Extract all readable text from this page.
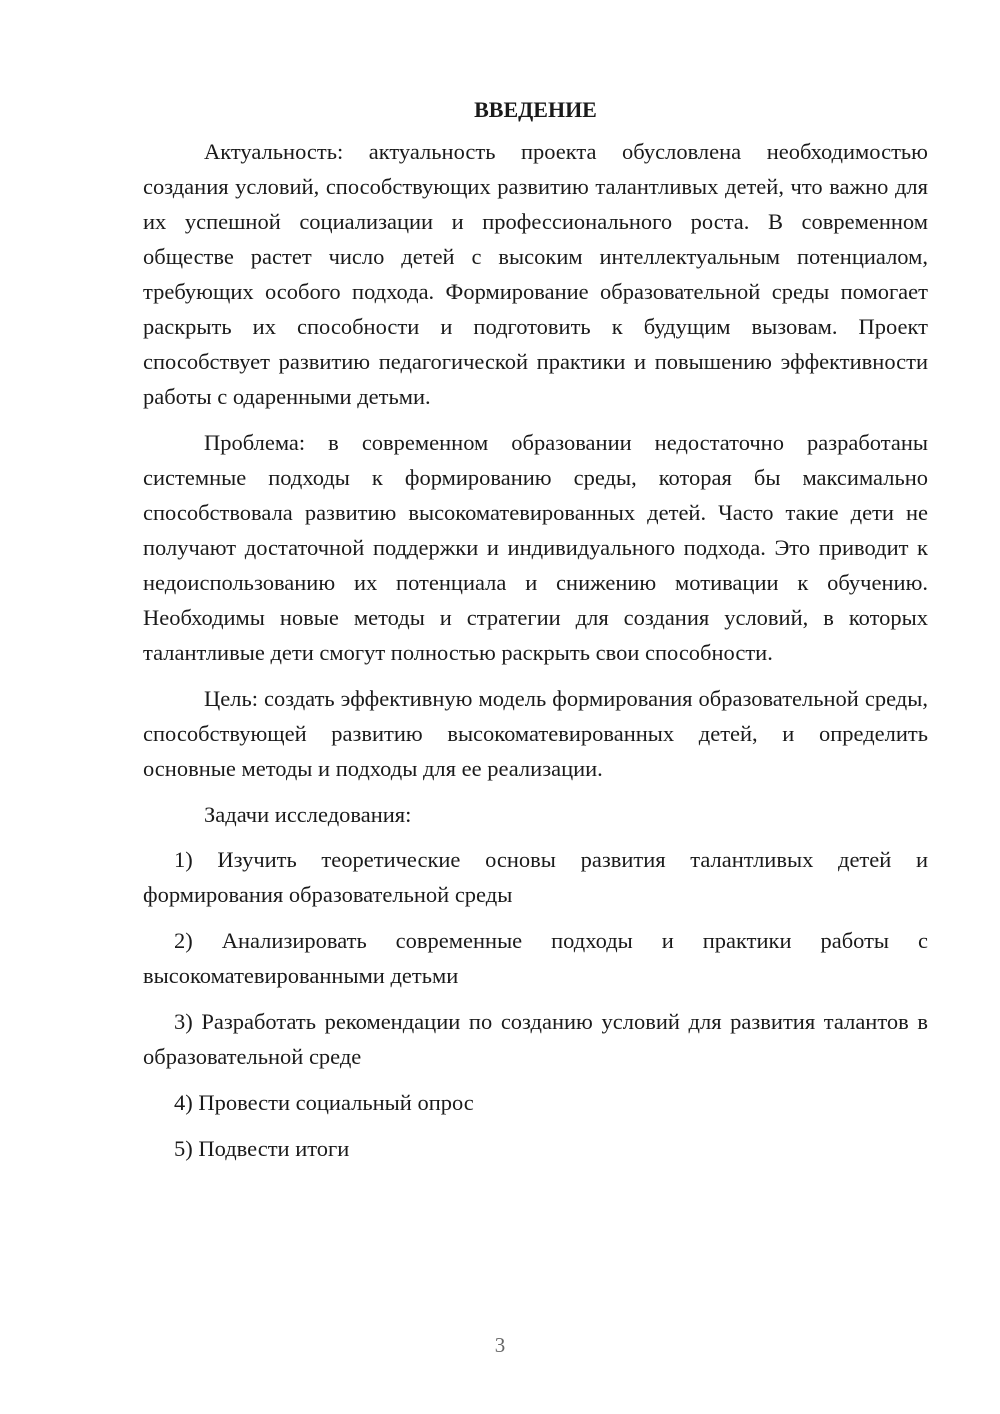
ВВЕДЕНИЕ

Актуальность: актуальность проекта обусловлена необходимостью создания условий, способствующих развитию талантливых детей, что важно для их успешной социализации и профессионального роста. В современном обществе растет число детей с высоким интеллектуальным потенциалом, требующих особого подхода. Формирование образовательной среды помогает раскрыть их способности и подготовить к будущим вызовам. Проект способствует развитию педагогической практики и повышению эффективности работы с одаренными детьми.

Проблема: в современном образовании недостаточно разработаны системные подходы к формированию среды, которая бы максимально способствовала развитию высокоматевированных детей. Часто такие дети не получают достаточной поддержки и индивидуального подхода. Это приводит к недоиспользованию их потенциала и снижению мотивации к обучению. Необходимы новые методы и стратегии для создания условий, в которых талантливые дети смогут полностью раскрыть свои способности.

Цель: создать эффективную модель формирования образовательной среды, способствующей развитию высокоматевированных детей, и определить основные методы и подходы для ее реализации.

Задачи исследования:

1) Изучить теоретические основы развития талантливых детей и формирования образовательной среды

2) Анализировать современные подходы и практики работы с высокоматевированными детьми

3) Разработать рекомендации по созданию условий для развития талантов в образовательной среде

4) Провести социальный опрос

5) Подвести итоги

3
